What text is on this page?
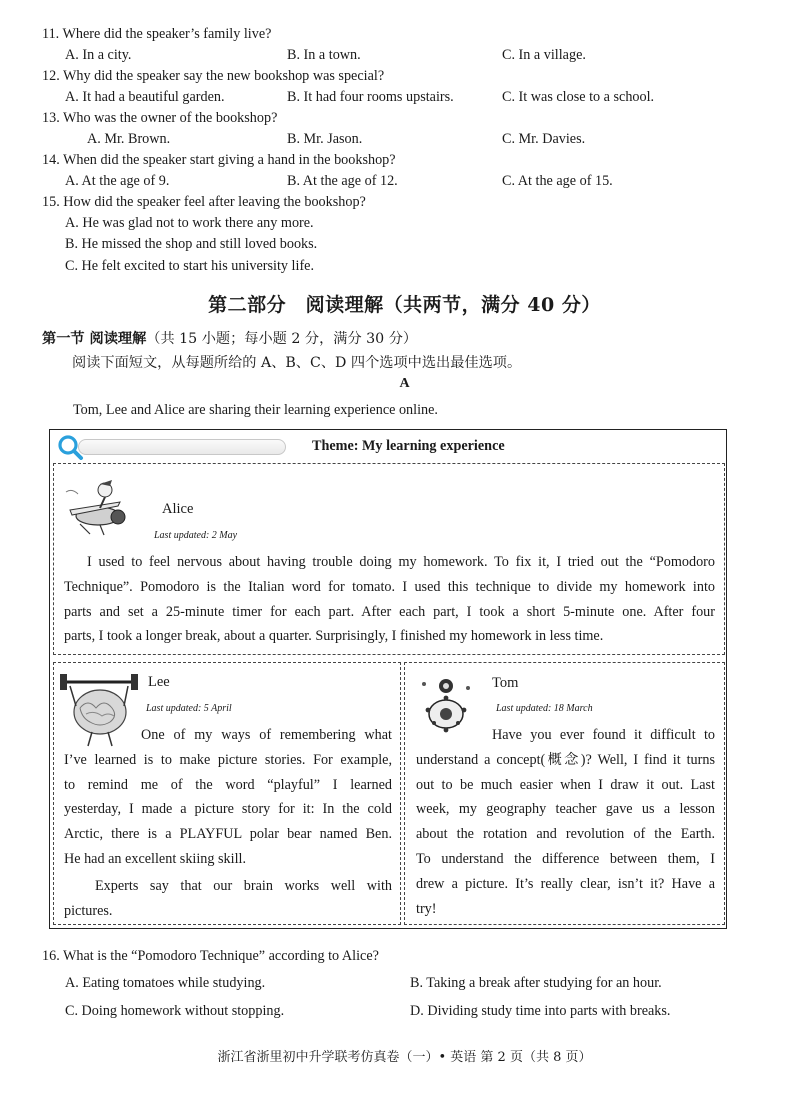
11. Where did the speaker’s family live?
A. In a city.	B. In a town.	C. In a village.
12. Why did the speaker say the new bookshop was special?
A. It had a beautiful garden.	B. It had four rooms upstairs.	C. It was close to a school.
13. Who was the owner of the bookshop?
A. Mr. Brown.	B. Mr. Jason.	C. Mr. Davies.
14. When did the speaker start giving a hand in the bookshop?
A. At the age of 9.	B. At the age of 12.	C. At the age of 15.
15. How did the speaker feel after leaving the bookshop?
A. He was glad not to work there any more.
B. He missed the shop and still loved books.
C. He felt excited to start his university life.
第二部分　阅读理解（共两节，满分 40 分）
第一节 阅读理解（共 15 小题；每小题 2 分，满分 30 分）
阅读下面短文，从每题所给的 A、B、C、D 四个选项中选出最佳选项。
A
Tom, Lee and Alice are sharing their learning experience online.
Theme: My learning experience
Alice
Last updated: 2 May
I used to feel nervous about having trouble doing my homework. To fix it, I tried out the “Pomodoro
Technique”. Pomodoro is the Italian word for tomato. I used this technique to divide my homework into
parts and set a 25-minute timer for each part. After each part, I took a short 5-minute one. After four
parts, I took a longer break, about a quarter. Surprisingly, I finished my homework in less time.
Lee
Last updated: 5 April
One of my ways of remembering what
I’ve learned is to make picture stories. For example,
to remind me of the word “playful” I learned
yesterday, I made a picture story for it: In the cold
Arctic, there is a PLAYFUL polar bear named Ben.
He had an excellent skiing skill.
Experts say that our brain works well with
pictures.
Tom
Last updated: 18 March
Have you ever found it difficult to
understand a concept(概念)? Well, I find it turns
out to be much easier when I draw it out. Last
week, my geography teacher gave us a lesson
about the rotation and revolution of the Earth.
To understand the difference between them, I
drew a picture. It’s really clear, isn’t it? Have a
try!
16. What is the “Pomodoro Technique” according to Alice?
A. Eating tomatoes while studying.	B. Taking a break after studying for an hour.
C. Doing homework without stopping.	D. Dividing study time into parts with breaks.
浙江省浙里初中升学联考仿真卷（一）• 英语 第 2 页（共 8 页）
